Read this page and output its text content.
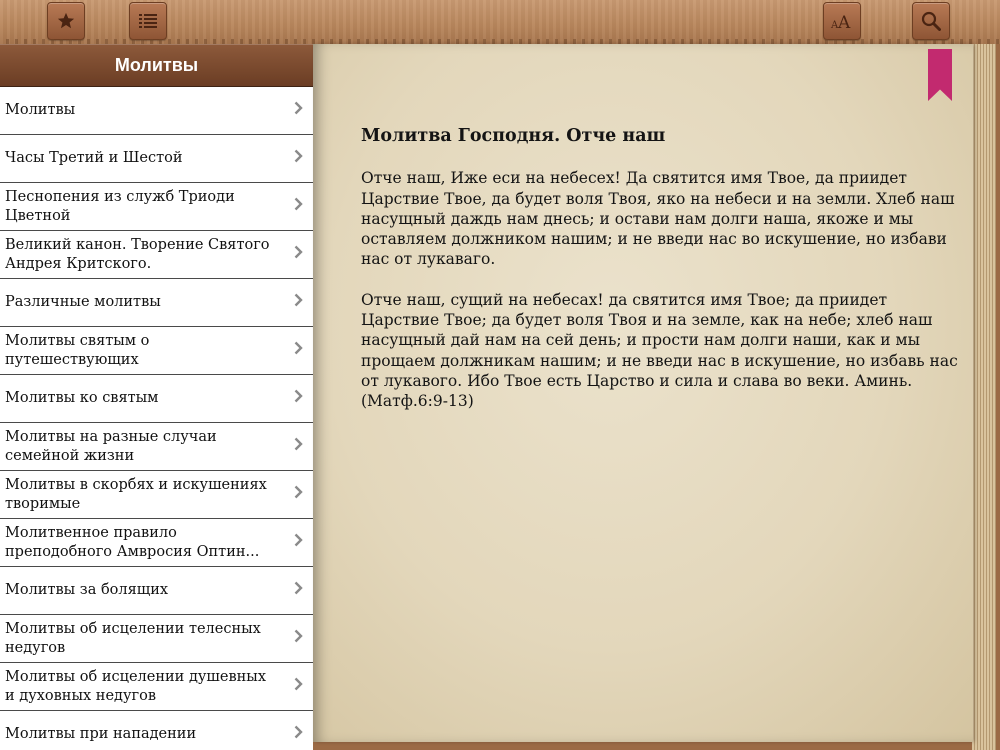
A A
Молитвы
Молитвы
Часы Третий и Шестой
Песнопения из служб Триоди Цветной
Великий канон. Творение Святого Андрея Критского.
Различные молитвы
Молитвы святым о путешествующих
Молитвы ко святым
Молитвы на разные случаи семейной жизни
Молитвы в скорбях и искушениях творимые
Молитвенное правило преподобного Амвросия Оптин...
Молитвы за болящих
Молитвы об исцелении телесных недугов
Молитвы об исцелении душевных и духовных недугов
Молитвы при нападении
Молитва Господня. Отче наш

Отче наш, Иже еси на небесех! Да святится имя Твое, да приидет Царствие Твое, да будет воля Твоя, яко на небеси и на земли. Хлеб наш насущный даждь нам днесь; и остави нам долги наша, якоже и мы оставляем должником нашим; и не введи нас во искушение, но избави нас от лукаваго.

Отче наш, сущий на небесах! да святится имя Твое; да приидет Царствие Твое; да будет воля Твоя и на земле, как на небе; хлеб наш насущный дай нам на сей день; и прости нам долги наши, как и мы прощаем должникам нашим; и не введи нас в искушение, но избавь нас от лукавого. Ибо Твое есть Царство и сила и слава во веки. Аминь. (Матф.6:9-13)
